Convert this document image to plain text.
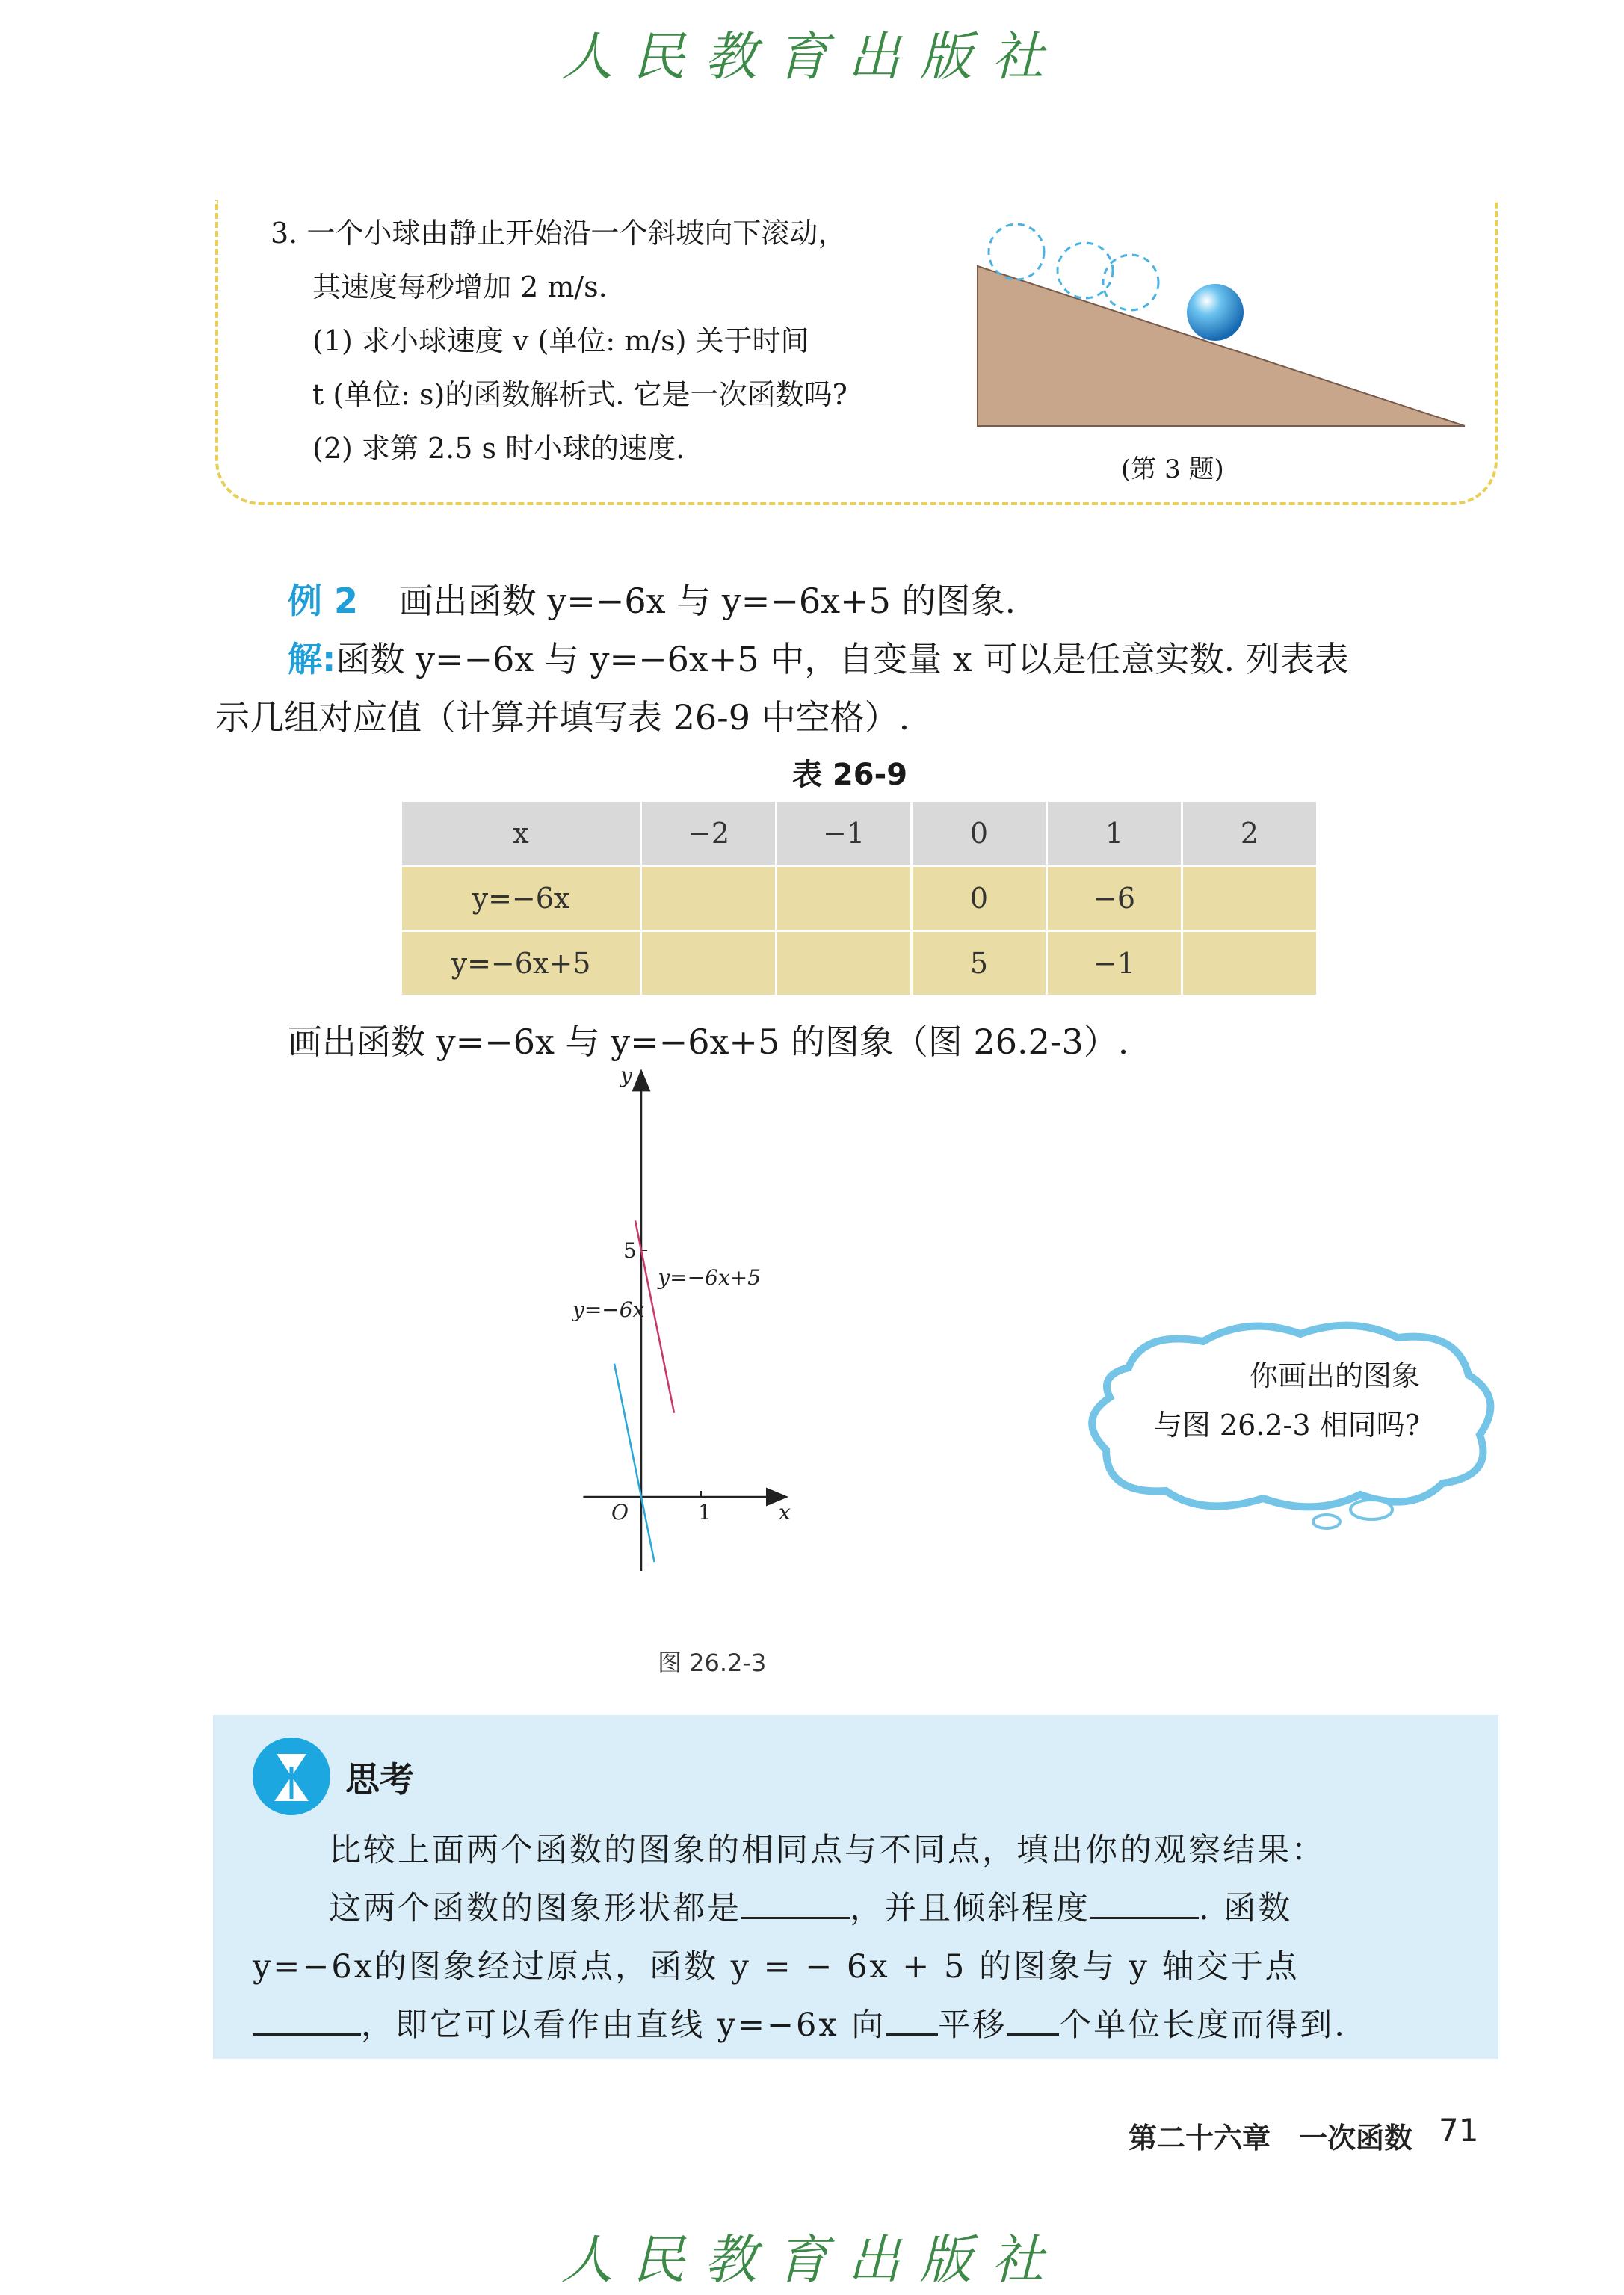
人民教育出版社
3. 一个小球由静止开始沿一个斜坡向下滚动，
其速度每秒增加 2 m/s.
(1) 求小球速度 v (单位: m/s) 关于时间
t (单位: s)的函数解析式. 它是一次函数吗?
(2) 求第 2.5 s 时小球的速度.
(第 3 题)
例 2 画出函数 y=−6x 与 y=−6x+5 的图象.
解:函数 y=−6x 与 y=−6x+5 中，自变量 x 可以是任意实数. 列表表
示几组对应值（计算并填写表 26-9 中空格）.
表 26-9
x	−2	−1	0	1	2
y=−6x			0	−6	
y=−6x+5			5	−1	
画出函数 y=−6x 与 y=−6x+5 的图象（图 26.2-3）.
x
y
O	1
5
y=−6x
y=−6x+5
图 26.2-3
你画出的图象
与图 26.2-3 相同吗?
思考
比较上面两个函数的图象的相同点与不同点，填出你的观察结果：
这两个函数的图象形状都是	，并且倾斜程度	. 函数
y=−6x的图象经过原点，函数 y = − 6x + 5 的图象与 y 轴交于点
，即它可以看作由直线 y=−6x 向 平移 个单位长度而得到.
第二十六章　一次函数 71
人民教育出版社
